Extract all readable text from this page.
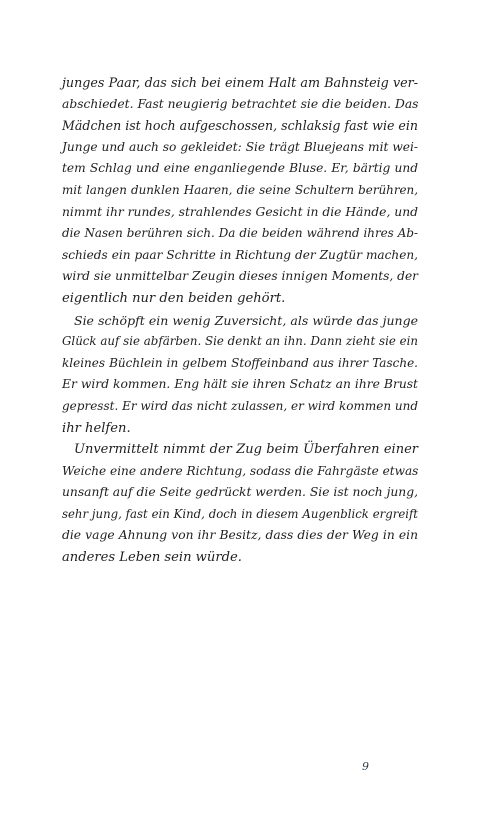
junges Paar, das sich bei einem Halt am Bahnsteig ver-
abschiedet. Fast neugierig betrachtet sie die beiden. Das
Mädchen ist hoch aufgeschossen, schlaksig fast wie ein
Junge und auch so gekleidet: Sie trägt Bluejeans mit wei-
tem Schlag und eine enganliegende Bluse. Er, bärtig und
mit langen dunklen Haaren, die seine Schultern berühren,
nimmt ihr rundes, strahlendes Gesicht in die Hände, und
die Nasen berühren sich. Da die beiden während ihres Ab-
schieds ein paar Schritte in Richtung der Zugtür machen,
wird sie unmittelbar Zeugin dieses innigen Moments, der
eigentlich nur den beiden gehört.
Sie schöpft ein wenig Zuversicht, als würde das junge
Glück auf sie abfärben. Sie denkt an ihn. Dann zieht sie ein
kleines Büchlein in gelbem Stoffeinband aus ihrer Tasche.
Er wird kommen. Eng hält sie ihren Schatz an ihre Brust
gepresst. Er wird das nicht zulassen, er wird kommen und
ihr helfen.
Unvermittelt nimmt der Zug beim Überfahren einer
Weiche eine andere Richtung, sodass die Fahrgäste etwas
unsanft auf die Seite gedrückt werden. Sie ist noch jung,
sehr jung, fast ein Kind, doch in diesem Augenblick ergreift
die vage Ahnung von ihr Besitz, dass dies der Weg in ein
anderes Leben sein würde.
9
